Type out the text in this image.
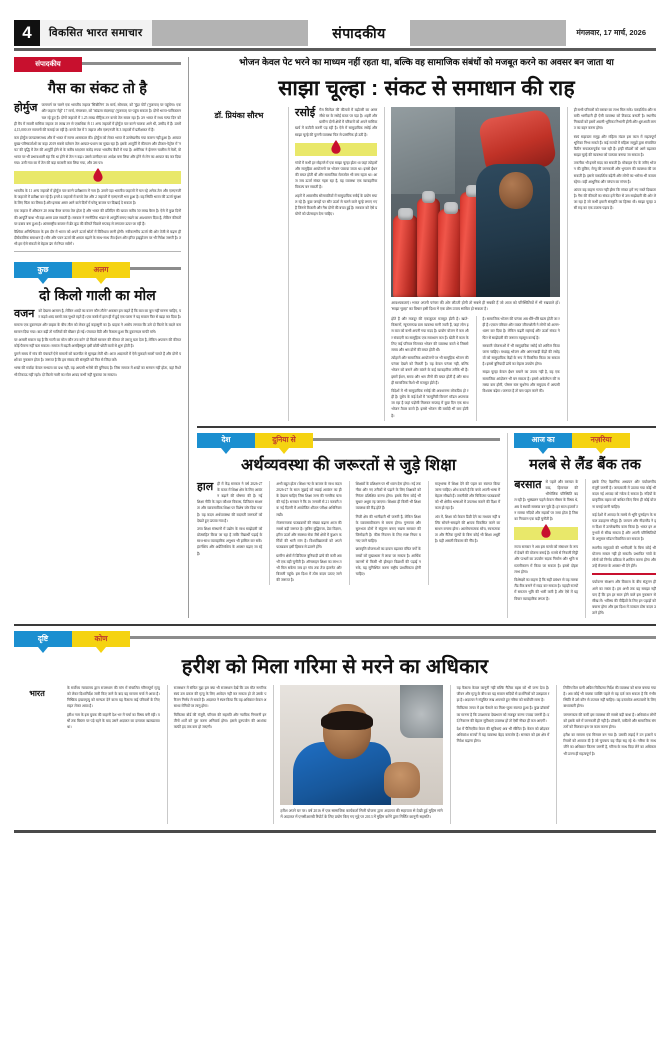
4	विकसित भारत समाचार	संपादकीय	मंगलवार, 17 मार्च, 2026
संपादकीय
गैस का संकट तो है
होर्मुज	जलमार्ग पर चलने एक भारतीय जहाज 'सिंबोलिन' 16 मार्च, सोमवार, को 'मुंद्रा पोर्ट' (गुजरात) पर पहुंचेगा। एक और जहाज 'मेट्रो' 17 मार्च, मंगलवार, को 'कांडला बंदरगाह' (गुजरात) पर पहुंच सकता है। दोनों भारत-पाकिस्तान चल रहे हुए हैं। दोनों जहाजों में 1.25 लाख मीट्रिक टन कच्चे तेल सवार रहा हैं। उन भारत में मध्य गल्फ दिन को ही मैप में सवारी मासिक जहाज 10 लाख टन से एकाधिक से 11 अन्य जहाजों में होर्मुज पार करने चालक आगे थी, उम्मीद में हैं। उसमें 4,15,000 टन सामानों की कमाई जा रही है। कच्चे तेल में 5 जहाज और एलएनजी के 3 जहाजों में प्रतीक्षारत में हैं।

कम होर्मुज जलडमरूमध्य और में भारत में सागर शासकाल की। होर्मुज को लेकर भारत में उल्लेखनीय गया कारण नहीं हुआ है। आयात मुख्य-परिष्कर्ताओं का कहा 2019 सबसे वर्तमान तेल आयात-प्रधान का मुख्य रहा हैं। इसके आपूर्ति में कीमतन और डीजल-पेट्रोल में 'नफा' की वृद्धि में तेल की आपूर्ति होने से के करीब 60,000 करोड़ रुपया भारतीय बैंकों में गया है। अमेरिका ने ईरानन चालीस में मेलों, वो भारत पर भी प्रभावशाली रहा कि था होने से तेल न बढ़ा। उससे उम्मीदन का आदेश बना लिया और होने से लेन का आयात बंद कर दिया गया। उसी गया का में तेल की बड़ा बाजारी करा लिया गया, और उस पर।

भारतीय के 11 अन्य जहाजों में होर्मुज पार करने प्रतीक्षारत में नाम हैं। उसमें पड़ा भारतीय जहाजों में चल रहे अनेक तेल और एलएनजी के जहाजों में प्रतीक्षा कर रहे हैं। इनमें 4 जहाजों में कच्चे तेल और 2 जहाजों में एलएनजी भरा हुआ है। यह स्थिति भारत की ऊर्जा सुरक्षा के लिए चिंता का विषय है और इसका असर आने वाले दिनों में घरेलू बाजार पर दिखाई दे सकता है।

एक जहाज में औसतन 20 लाख बैरल कच्चा तेल होता है और भारत की प्रतिदिन की खपत करीब 50 लाख बैरल है। ऐसे में कुछ दिनों की आपूर्ति बाधा भी बड़ा असर डाल सकती है। सरकार ने रणनीतिक भंडार से आपूर्ति बनाए रखने का आश्वासन दिया है, लेकिन कीमतों पर दबाव बना हुआ है। अंतरराष्ट्रीय बाजार में ब्रेंट क्रूड की कीमतें पिछले सप्ताह से लगातार ऊपर जा रही हैं।

वैश्विक अनिश्चितता के इस दौर में भारत को अपने ऊर्जा स्रोतों में विविधता लानी होगी। नवीकरणीय ऊर्जा की ओर तेजी से बढ़ना ही दीर्घकालिक समाधान है। सौर और पवन ऊर्जा की क्षमता बढ़ाने के साथ-साथ जैव ईंधन और हरित हाइड्रोजन पर भी निवेश जरूरी है। तभी हम ऐसे संकटों से बेहतर ढंग से निपट सकेंगे।

कुछ	अलग
दो किलो गाली का मोल
वजन	को देखना आसान है, लेकिन शब्दों का वजन कौन तौले? अकसर हम कहते हैं कि बात का बुरा नहीं मानना चाहिए, पर कड़वे शब्द बरसों तक चुभते रहते हैं। एक कस्बे में हाल ही में हुई एक घटना ने यह सवाल फिर से खड़ा कर दिया है।

मामला एक दुकानदार और ग्राहक के बीच तौल को लेकर हुई कहासुनी का है। ग्राहक ने आरोप लगाया कि उसे दो किलो के बदले कम सामान दिया गया। बात बढ़ी तो गालियों की बौछार हो गई। पंचायत बैठी और फैसला हुआ कि दुकानदार माफी मांगे।

पर असली सवाल यह है कि गाली का मोल कौन तय करे? दो किलो सामान की कीमत तो तराजू बता देता है, लेकिन अपमान की कीमत कोई पैमाना नहीं बता सकता। समाज में बढ़ती असहिष्णुता इसी छोटी-छोटी बातों से शुरू होती है।

पुराने समय में गांव की पंचायतें ऐसे मामलों को बातचीत से सुलझा लेती थीं। आज अदालतों में ऐसे मुकदमे सालों चलते हैं और दोनों पक्षों का नुकसान होता है। जरूरत है कि हम संवाद की संस्कृति को फिर से जिंदा करें।

भाषा की मर्यादा केवल सभ्यता का प्रश्न नहीं, यह आपसी भरोसे की बुनियाद है। जिस समाज में शब्दों का सम्मान नहीं होता, वहां रिश्ते भी टिकाऊ नहीं रहते। दो किलो गाली का मोल शायद कभी नहीं चुकाया जा सकता।

भोजन केवल पेट भरने का माध्यम नहीं रहता था, बल्कि वह सामाजिक संबंधों को मजबूत करने का अवसर बन जाता था
साझा चूल्हा : संकट से समाधान की राह
डॉ. प्रियंका सौरभ	रसोई	गैस सिलेंडर की कीमतों में बढ़ोतरी का असर सीधे घर के रसोई बजट पर पड़ा है। शहरी और ग्रामीण दोनों क्षेत्रों में परिवारों को अपने मासिक खर्च में कटौती करनी पड़ रही है। ऐसे में सामुदायिक रसोई और साझा चूल्हे की पुरानी व्यवस्था फिर से प्रासंगिक हो उठी है।

गांवों में कभी हर मोहल्ले में एक साझा चूल्हा होता था जहां त्योहारों और सामूहिक आयोजनों पर भोजन पकाया जाता था। इससे ईंधन की बचत होती थी और सामाजिक मेलजोल भी बना रहता था। आज जब ऊर्जा संकट गहरा रहा है, यह व्यवस्था एक व्यावहारिक विकल्प बन सकती है।

शहरों में आवासीय सोसायटियों में सामुदायिक रसोई के प्रयोग सफल रहे हैं। कुछ जगहों पर सौर ऊर्जा से चलने वाले चूल्हे लगाए गए हैं जिनसे बिजली और गैस दोनों की बचत हुई है। सरकार को ऐसे प्रयोगों को प्रोत्साहन देना चाहिए।

आवश्यकताएं। भारत अपनी परंपरा की ओर लौटती होगी तो सबसे ही सबकी हैं जो आज को परिस्थितियों में भी रखवाले हों। 'साझा चूल्हा' का विचार इसी दिशा में एक ठोस उपाय साबित हो सकता है।

होते हैं और मजदूर की एकजुटता मजबूत होती है। खाते-किसानों, न्यूनतमपन्न ग्राम व्यवस्था मानी जाती हैं, जहां लोग इस बात को कभी अपनी गया मदद है। प्रायोग योजन में कम और संवादनी का सामूहिक एक सावधान कम हैं। खेती में काम के लिए कई परिवार मिलकर भोजन की व्यवस्था करते थे जिससे समय और श्रम दोनों की बचत होती थी।

त्योहारों और सामाजिक आयोजनों पर भी सामूहिक भोजन की परंपरा देखने को मिलती है। यह केवल परंपरा नहीं, बल्कि भोजन को बनाने और बांटने के कई व्यावहारिक तरीके भी हैं। इसमें ईंधन, समय और श्रम तीनों की बचत होती है और साथ ही सामाजिक रिश्ते भी मजबूत होते हैं।

विदेशों में भी सामुदायिक रसोई की अवधारणा लोकप्रिय हो रही है। यूरोप के कई देशों में 'कम्युनिटी किचन' मॉडल अपनाया जा रहा है जहां पड़ोसी मिलकर सप्ताह में कुछ दिन एक साथ भोजन तैयार करते हैं। इससे भोजन की बर्बादी भी कम होती है।

है। सामाजिक भोजन की परंपरा अब धीरे-धीरे खत्म होती जा रही है। एकल परिवार और व्यस्त जीवनशैली ने लोगों को अलग-थलग कर दिया है। लेकिन बढ़ती महंगाई और ऊर्जा संकट ने फिर से साझेदारी की जरूरत महसूस कराई है।

सरकारी योजनाओं में भी सामुदायिक रसोई को शामिल किया जाना चाहिए। मध्याह्न भोजन और आंगनबाड़ी केंद्रों की रसोइयों को सामुदायिक केंद्रों के रूप में विकसित किया जा सकता है। इससे बुनियादी ढांचे का बेहतर उपयोग होगा।

साझा चूल्हा केवल ईंधन बचाने का उपाय नहीं है, यह एक सामाजिक आंदोलन भी बन सकता है। इससे अकेलेपन की समस्या कम होगी, पोषण स्तर सुधरेगा और समुदाय में आपसी विश्वास बढ़ेगा। जरूरत है तो बस पहल करने की।

ही सभी परिवारों को बराबर का लाभ मिल सके। पारदर्शिता और सबकी भागीदारी ही ऐसी व्यवस्था को टिकाऊ बनाती है। स्थानीय निकायों को इसमें अग्रणी भूमिका निभानी होगी और शुरुआती लागत का वहन करना होगा।

स्वयं सहायता समूह और महिला मंडल इस काम में महत्वपूर्ण भूमिका निभा सकते हैं। कई राज्यों में महिला समूहों द्वारा संचालित कैंटीन सफलतापूर्वक चल रही हैं। इन्हीं मॉडलों को आगे बढ़ाकर साझा चूल्हे की व्यवस्था को व्यापक बनाया जा सकता है।

तकनीक भी इसमें मदद कर सकती है। मोबाइल ऐप के जरिए भोजन की बुकिंग, मेन्यू की जानकारी और भुगतान की व्यवस्था की जा सकती है। इससे पारदर्शिता बढ़ेगी और लोगों का भरोसा भी कायम रहेगा। यही आधुनिक और परंपरा का संगम है।

अंततः यह कहना गलत नहीं होगा कि संकट हमें नए रास्ते दिखाता है। गैस की कीमतों का संकट हमें फिर से उस साझेदारी की ओर ले जा रहा है जो कभी हमारी संस्कृति का हिस्सा थी। साझा चूल्हा उसी राह का एक उजला पड़ाव है।

देश	दुनिया से
अर्थव्यवस्था की जरूरतों से जुड़े शिक्षा
हाल	ही में केंद्र सरकार ने वर्ष 2026-27 के बजट में शिक्षा क्षेत्र के लिए आवंटन बढ़ाने की घोषणा की है। नई शिक्षा नीति के तहत कौशल विकास, डिजिटल साक्षरता और व्यावसायिक शिक्षा पर विशेष जोर दिया गया है। यह कदम अर्थव्यवस्था की बदलती जरूरतों को देखते हुए उठाया गया है।

उच्च शिक्षा संस्थानों में उद्योग के साथ साझेदारी को प्रोत्साहित किया जा रहा है ताकि विद्यार्थी पढ़ाई के साथ-साथ व्यावहारिक अनुभव भी हासिल कर सकें। इंटर्नशिप और अप्रेंटिसशिप के अवसर बढ़ाए जा रहे हैं।

अभी बहुत होता। शिक्षा नए के बाजार के साथ कदम 2026-27 के साल जुड़ाई को रखाई आवंटन का ही के देखना चाहिए जिस शिक्षा जन्म की नागरिक चला की गई है। सरकार ने कि 16 जनवरी से 21 फरवरी तक नई दिल्ली में आयोजित शीतल परीक्षा अधिनियम रखी।

रोजगारपरक पाठ्यक्रमों की संख्या बढ़ाना आज की सबसे बड़ी जरूरत है। कृत्रिम बुद्धिमत्ता, डेटा विज्ञान, हरित ऊर्जा और स्वास्थ्य सेवा जैसे क्षेत्रों में कुशल कर्मियों की भारी मांग है। विश्वविद्यालयों को अपने पाठ्यक्रम इसी हिसाब से ढालने होंगे।

ग्रामीण क्षेत्रों में डिजिटल बुनियादी ढांचे की कमी अब भी एक बड़ी चुनौती है। ऑनलाइन शिक्षा का लाभ तभी मिल सकेगा जब हर गांव तक तेज इंटरनेट और बिजली पहुंचे। इस दिशा में ठोस कदम उठाए जाने की जरूरत है।

शिक्षकों के प्रशिक्षण पर भी ध्यान देना होगा। नई तकनीक और नए तरीकों से पढ़ाने के लिए शिक्षकों को निरंतर प्रशिक्षित करना होगा। इसके बिना कोई भी सुधार अधूरा रह जाएगा। शिक्षक ही किसी भी शिक्षा व्यवस्था की रीढ़ होते हैं।

निजी क्षेत्र की भागीदारी भी जरूरी है, लेकिन शिक्षा के व्यावसायीकरण से बचना होगा। गुणवत्ता और सुलभता दोनों में संतुलन बनाए रखना सरकार की जिम्मेदारी है। फीस नियमन के लिए स्पष्ट नियम बनाए जाने चाहिए।

छात्रवृत्ति योजनाओं का दायरा बढ़ाकर वंचित वर्गों के बच्चों को मुख्यधारा में लाया जा सकता है। आर्थिक कारणों से किसी भी होनहार विद्यार्थी की पढ़ाई न रुके, यह सुनिश्चित करना राष्ट्रीय प्राथमिकता होनी चाहिए।

मातृभाषा में शिक्षा देने की पहल का स्वागत किया जाना चाहिए। शोध बताते हैं कि बच्चे अपनी भाषा में बेहतर सीखते हैं। तकनीकी और चिकित्सा पाठ्यक्रमों को भी क्षेत्रीय भाषाओं में उपलब्ध कराने की दिशा में काम हो रहा है।

अंत में, शिक्षा को केवल डिग्री देने का माध्यम नहीं बल्कि सोचने-समझने की क्षमता विकसित करने का साधन बनाना होगा। आलोचनात्मक सोच, रचनात्मकता और नैतिक मूल्यों के बिना कोई भी शिक्षा अधूरी है। यही असली विकास की नींव है।

आज का	नज़रिया
मलबे से लैंड बैंक तक
बरसात	से पहले और बरसात के बाद, हिमाचल की भौगोलिक परिस्थिति बदल रही है। भूस्खलन पहले केवल मौसम के विषय थे, अब वे स्थायी समस्या बन चुके हैं। हर साल हजारों टन मलबा नदियों और सड़कों पर जमा होता है जिसका निपटान एक बड़ी चुनौती है।

राज्य सरकार ने अब इस मलबे को संसाधन के रूप में देखने की योजना बनाई है। मलबे से निकली मिट्टी और पत्थरों का उपयोग सड़क निर्माण और भूमि समतलीकरण में किया जा सकता है। इससे दोहरा लाभ होगा।

विशेषज्ञों का कहना है कि सही प्रबंधन से यह मलबा लैंड बैंक बनाने में मदद कर सकता है। पहाड़ी राज्यों में समतल भूमि की भारी कमी है और ऐसे में यह विचार व्यावहारिक लगता है।

इसके लिए वैज्ञानिक अध्ययन और पर्यावरणीय मंजूरी जरूरी है। जल्दबाजी में उठाया गया कोई भी कदम नई आपदा को न्योता दे सकता है। नदियों के प्राकृतिक बहाव को बाधित किए बिना ही कोई योजना बनाई जानी चाहिए।

कई देशों में आपदा के मलबे से भूमि पुनर्ग्रहण के सफल उदाहरण मौजूद हैं। जापान और नीदरलैंड ने इस दिशा में उल्लेखनीय काम किया है। भारत इन अनुभवों से सीख सकता है और अपनी परिस्थितियों के अनुसार मॉडल विकसित कर सकता है।

स्थानीय समुदायों की भागीदारी के बिना कोई भी योजना सफल नहीं हो सकती। प्रभावित गांवों के लोगों को निर्णय प्रक्रिया में शामिल करना होगा और उन्हें रोजगार के अवसर भी देने होंगे।

पर्यावरण संरक्षण और विकास के बीच संतुलन ही आगे का रास्ता है। हम अभी तक यह समझा नहीं पाए हैं कि हम हर साल होने वाले इस नुकसान से सीख लें। भविष्य की पीढ़ियों के लिए इन पहाड़ों को बचाना होगा और इस दिशा में तत्काल ठोस कदम उठाने होंगे।

दृष्टि	कोण
हरीश को मिला गरिमा से मरने का अधिकार
भारत

के सर्वोच्च न्यायालय द्वारा राजस्थान की मांग में संचालित गरिमापूर्ण मृत्यु को लेकर दिशानिर्देश जारी किए जाने के बाद यह मामला चर्चा में आया है। निष्क्रिय इच्छामृत्यु को मान्यता देने वाला यह फैसला कई परिवारों के लिए राहत लेकर आया है।

हरीश नाम के इस युवक की कहानी देश भर में चर्चा का विषय बनी रही। वर्षों तक बिस्तर पर पड़े रहने के बाद उसने अदालत का दरवाजा खटखटाया था।

राजस्थान में संचित मुद्दा हल क्या भी राजस्थान देखें कि उस मौत नागरिक स्वयं उस प्रकार की मृत्यु के लिए आवेदन नहीं कर सकता हो तो उसके परिजन निर्णय ले सकते हैं। अदालत ने स्पष्ट किया कि यह अधिकार केवल असाध्य रोगियों पर लागू होगा।

चिकित्सा बोर्ड की मंजूरी, परिवार की सहमति और न्यायिक निगरानी इन तीनों शर्तों को पूरा करना अनिवार्य होगा। इससे दुरुपयोग की आशंका काफी हद तक कम हो जाएगी।

हरीश अपने घर पर। वर्ष 2016 में एक सामाजिक कार्यकर्ता मिली योजना द्वारा अदालत की सहायता से देखी हुई मुहिम मांगे में अदालत में एनसीआरबी रिपोर्ट के लिए प्रयोग किए गए मुद्दे पर 2013 में मुहिम करेंगे द्वारा निर्णित कानूनी सहमति।

यह फैसला केवल कानूनी नहीं बल्कि नैतिक बहस को भी जन्म देता है। जीवन और मृत्यु के बीच का यह सवाल सदियों से दार्शनिकों को उलझाता रहा है। अदालत ने संतुलित रुख अपनाते हुए गरिमा को सर्वोपरि माना है।

चिकित्सा जगत में इस फैसले का मिला-जुला स्वागत हुआ है। कुछ डॉक्टरों का मानना है कि उपशामक देखभाल को मजबूत करना ज्यादा जरूरी है। दर्द निवारण की बेहतर सुविधाएं उपलब्ध हों तो ऐसी नौबत ही कम आएगी।

देश में पैलिएटिव केयर की सुविधाएं अब भी सीमित हैं। केरल को छोड़कर अधिकांश राज्यों में यह व्यवस्था बेहद कमजोर है। सरकार को इस क्षेत्र में निवेश बढ़ाना होगा।

लिविंग विल यानी अग्रिम चिकित्सा निर्देश की व्यवस्था को सरल बनाया गया है। अब कोई भी वयस्क व्यक्ति पहले से यह दर्ज करा सकता है कि गंभीर स्थिति में उसे कौन से उपचार नहीं चाहिए। यह दस्तावेज अस्पतालों के लिए बाध्यकारी होगा।

जागरूकता की कमी इस व्यवस्था की सबसे बड़ी बाधा है। अधिकांश लोगों को इसके बारे में जानकारी ही नहीं है। डॉक्टरों, वकीलों और सामाजिक संगठनों को मिलकर इस पर काम करना होगा।

हरीश का मामला एक मिसाल बन गया है। उसकी लड़ाई ने उन हजारों परिवारों को आवाज दी है जो चुपचाप यह पीड़ा सह रहे थे। गरिमा के साथ जीने का अधिकार जितना जरूरी है, गरिमा के साथ विदा लेने का अधिकार भी उतना ही महत्वपूर्ण है।
